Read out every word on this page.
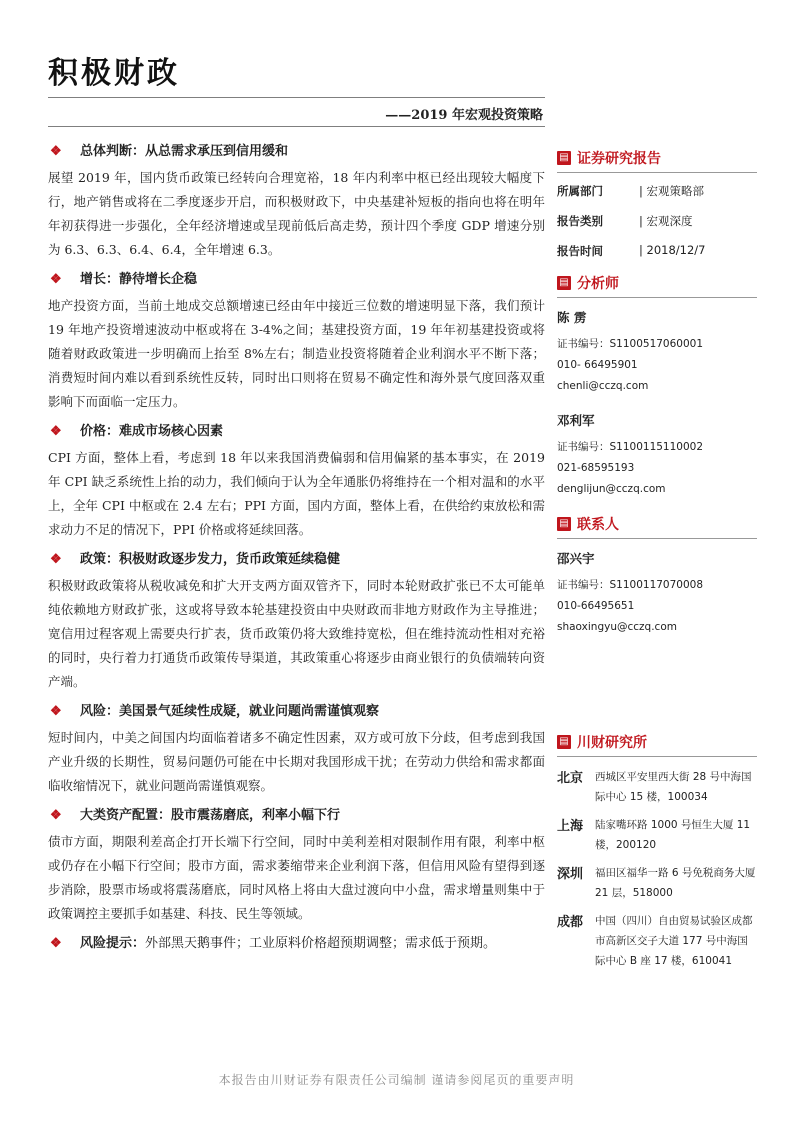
积极财政
——2019 年宏观投资策略
❖	总体判断：从总需求承压到信用缓和

展望 2019 年，国内货币政策已经转向合理宽裕，18 年内利率中枢已经出现较大幅度下行，地产销售或将在二季度逐步开启，而积极财政下，中央基建补短板的指向也将在明年年初获得进一步强化，全年经济增速或呈现前低后高走势，预计四个季度 GDP 增速分别为 6.3、6.3、6.4、6.4，全年增速 6.3。

❖	增长：静待增长企稳

地产投资方面，当前土地成交总额增速已经由年中接近三位数的增速明显下落，我们预计 19 年地产投资增速波动中枢或将在 3-4%之间；基建投资方面，19 年年初基建投资或将随着财政政策进一步明确而上抬至 8%左右；制造业投资将随着企业利润水平不断下落；消费短时间内难以看到系统性反转，同时出口则将在贸易不确定性和海外景气度回落双重影响下而面临一定压力。

❖	价格：难成市场核心因素

CPI 方面，整体上看，考虑到 18 年以来我国消费偏弱和信用偏紧的基本事实，在 2019 年 CPI 缺乏系统性上抬的动力，我们倾向于认为全年通胀仍将维持在一个相对温和的水平上，全年 CPI 中枢或在 2.4 左右；PPI 方面，国内方面，整体上看，在供给约束放松和需求动力不足的情况下，PPI 价格或将延续回落。

❖	政策：积极财政逐步发力，货币政策延续稳健

积极财政政策将从税收减免和扩大开支两方面双管齐下，同时本轮财政扩张已不太可能单纯依赖地方财政扩张，这或将导致本轮基建投资由中央财政而非地方财政作为主导推进；宽信用过程客观上需要央行扩表，货币政策仍将大致维持宽松，但在维持流动性相对充裕的同时，央行着力打通货币政策传导渠道，其政策重心将逐步由商业银行的负债端转向资产端。

❖	风险：美国景气延续性成疑，就业问题尚需谨慎观察

短时间内，中美之间国内均面临着诸多不确定性因素，双方或可放下分歧，但考虑到我国产业升级的长期性，贸易问题仍可能在中长期对我国形成干扰；在劳动力供给和需求都面临收缩情况下，就业问题尚需谨慎观察。

❖	大类资产配置：股市震荡磨底，利率小幅下行

债市方面，期限利差高企打开长端下行空间，同时中美利差相对限制作用有限，利率中枢或仍存在小幅下行空间；股市方面，需求萎缩带来企业利润下落，但信用风险有望得到逐步消除，股票市场或将震荡磨底，同时风格上将由大盘过渡向中小盘，需求增量则集中于政策调控主要抓手如基建、科技、民生等领域。

❖	风险提示：外部黑天鹅事件；工业原料价格超预期调整；需求低于预期。
▤ 证券研究报告
所属部门	| 宏观策略部
报告类别	| 宏观深度
报告时间	| 2018/12/7
▤ 分析师
陈 雳
证书编号：S1100517060001
010- 66495901
chenli@cczq.com
邓利军
证书编号：S1100115110002
021-68595193
denglijun@cczq.com
▤ 联系人
邵兴宇
证书编号：S1100117070008
010-66495651
shaoxingyu@cczq.com
▤ 川财研究所
北京	西城区平安里西大街 28 号中海国际中心 15 楼，100034
上海	陆家嘴环路 1000 号恒生大厦 11 楼，200120
深圳	福田区福华一路 6 号免税商务大厦 21 层，518000
成都	中国（四川）自由贸易试验区成都市高新区交子大道 177 号中海国际中心 B 座 17 楼，610041
本报告由川财证券有限责任公司编制 谨请参阅尾页的重要声明
